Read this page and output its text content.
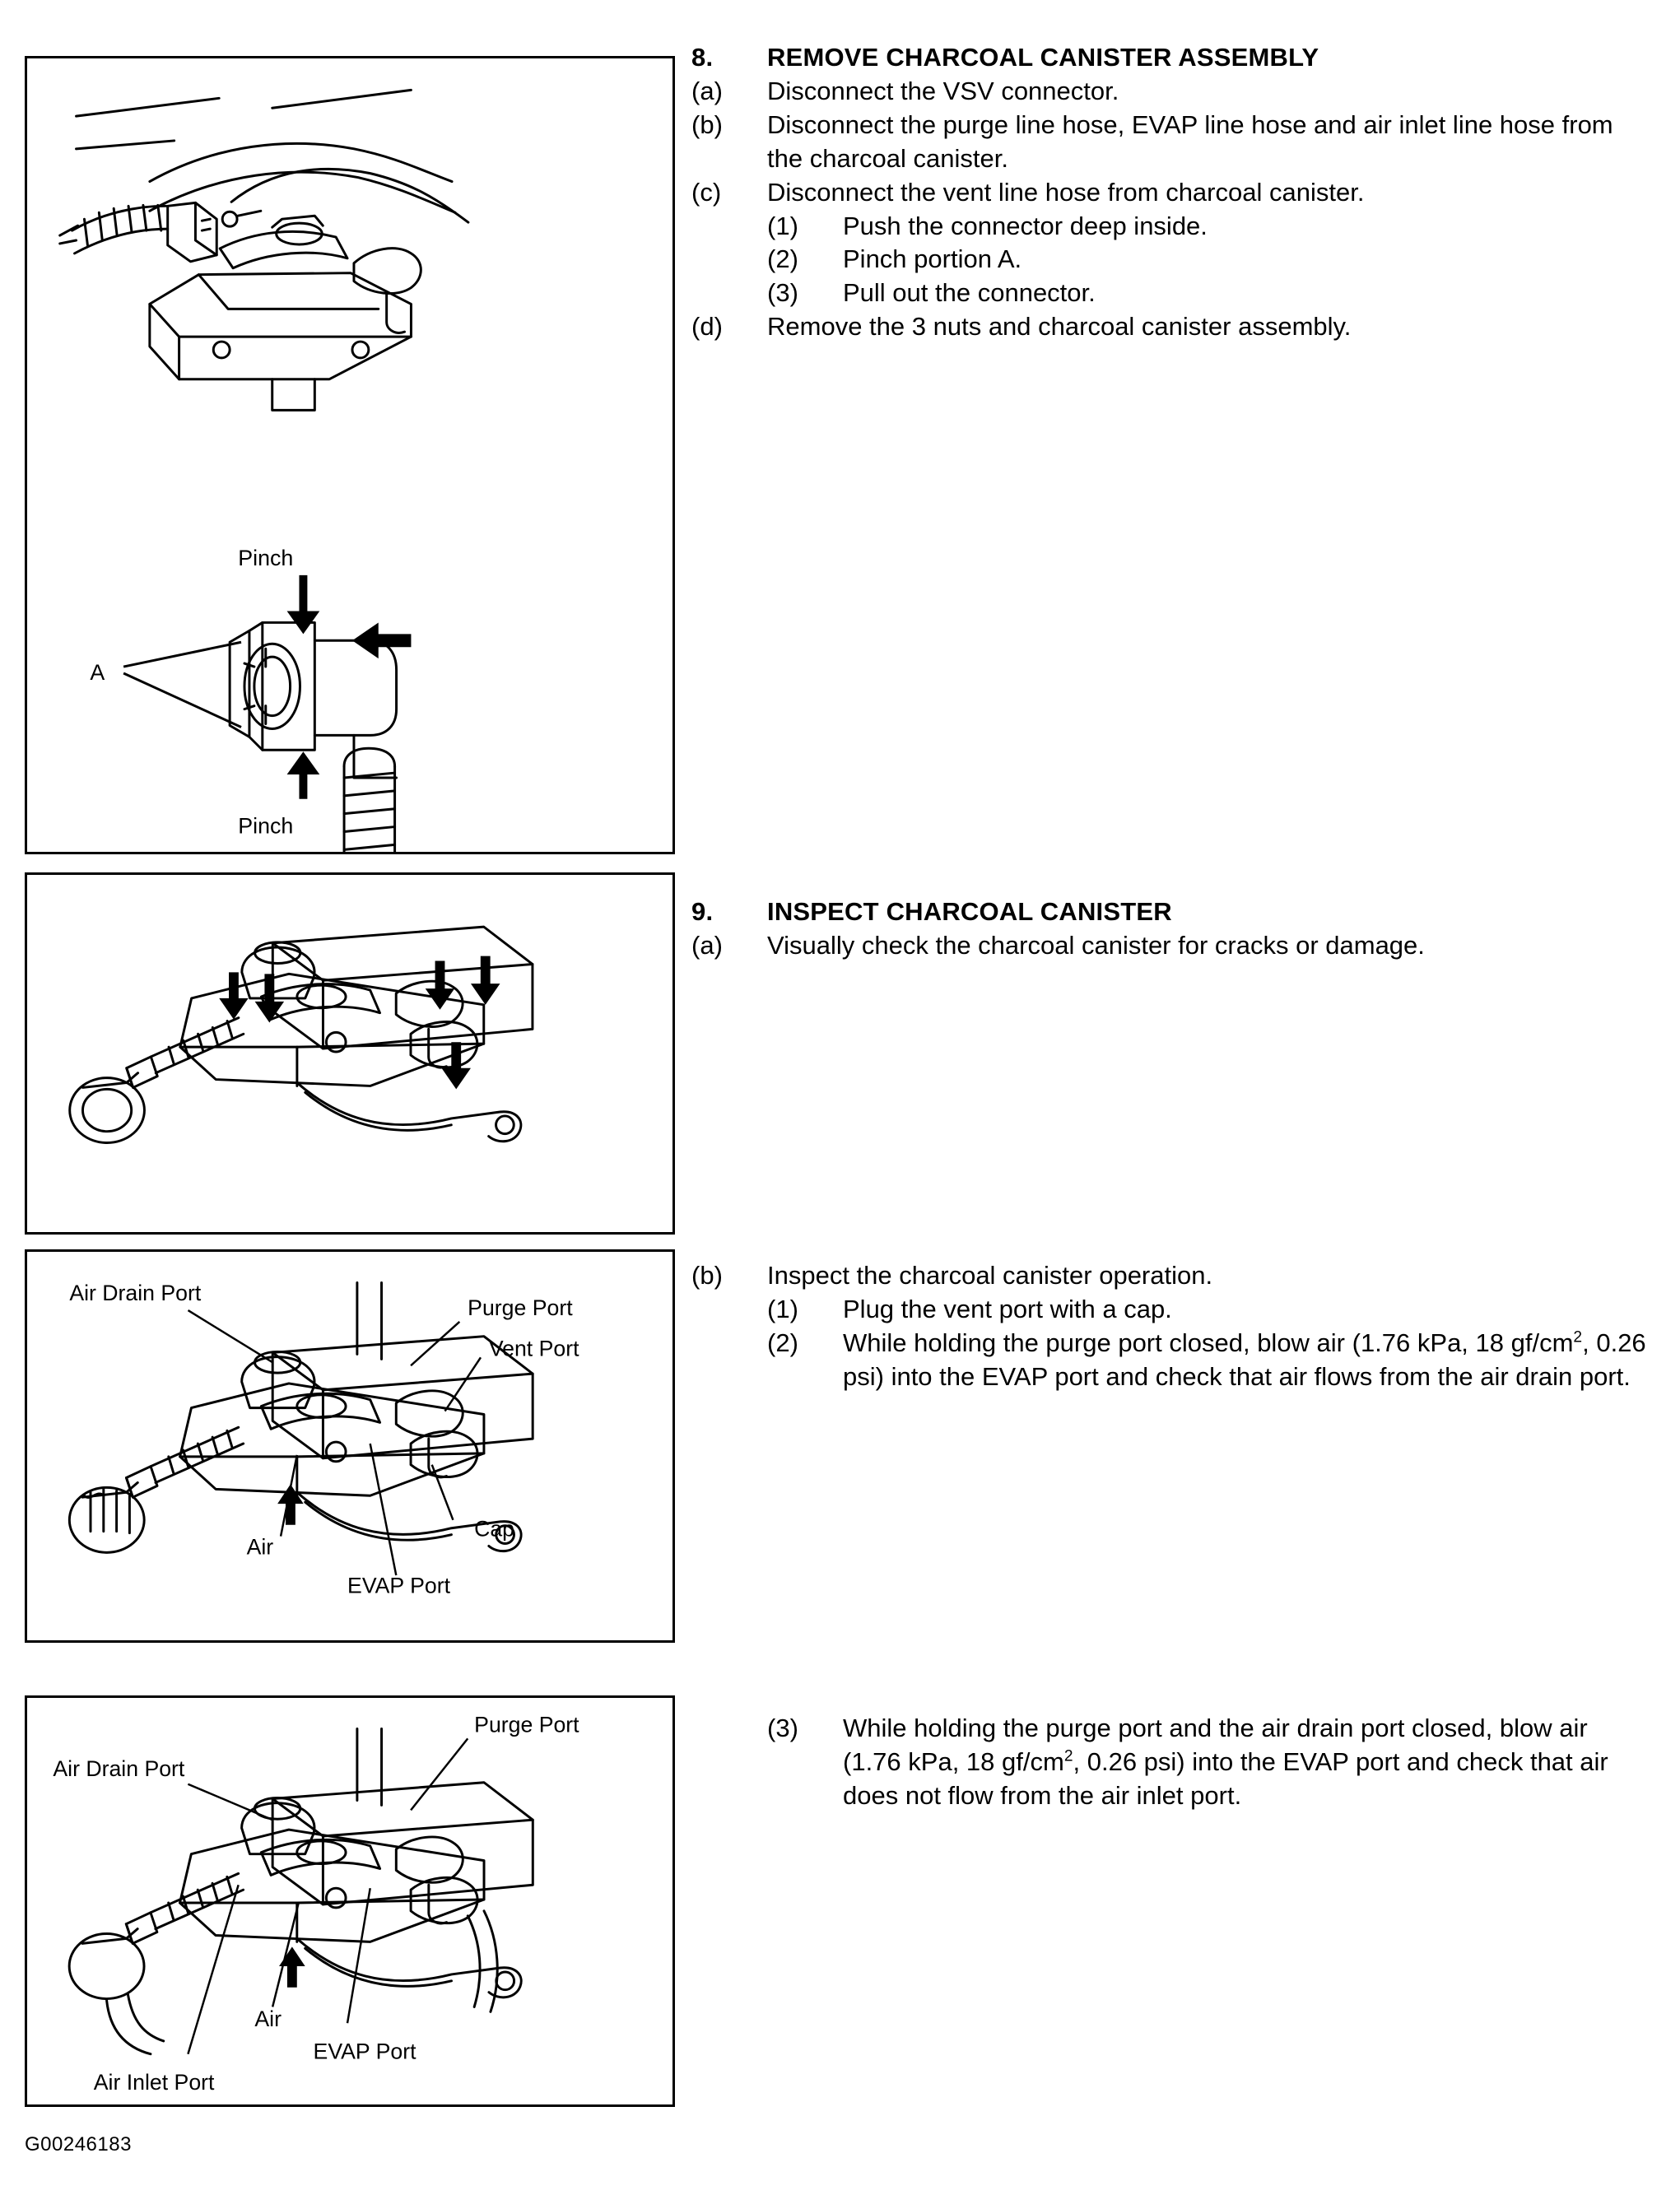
Pinch
Pinch
A
Air Drain Port
Purge Port
Vent Port
Cap
Air
EVAP Port
Purge Port
Air Drain Port
Air
EVAP Port
Air Inlet Port
8.	REMOVE CHARCOAL CANISTER ASSEMBLY
(a)	Disconnect the VSV connector.
(b)	Disconnect the purge line hose, EVAP line hose and air inlet line hose from the charcoal canister.
(c)	Disconnect the vent line hose from charcoal canister.
(1)	Push the connector deep inside.
(2)	Pinch portion A.
(3)	Pull out the connector.
(d)	Remove the 3 nuts and charcoal canister assembly.
9.	INSPECT CHARCOAL CANISTER
(a)	Visually check the charcoal canister for cracks or damage.
(b)	Inspect the charcoal canister operation.
(1)	Plug the vent port with a cap.
(2)	While holding the purge port closed, blow air (1.76 kPa, 18 $gf/cm^2$, 0.26 psi) into the EVAP port and check that air flows from the air drain port.
(3)	While holding the purge port and the air drain port closed, blow air (1.76 kPa, 18 $gf/cm^2$, 0.26 psi) into the EVAP port and check that air does not flow from the air inlet port.
G00246183
